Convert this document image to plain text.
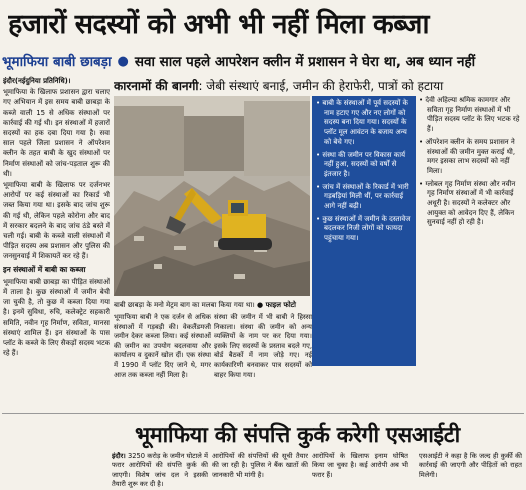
हजारों सदस्यों को अभी भी नहीं मिला कब्जा
भूमाफिया बाबी छाबड़ा ● सवा साल पहले आपरेशन क्लीन में प्रशासन ने घेरा था, अब ध्यान नहीं

इंदौर(नईदुनिया प्रतिनिधि)।

भूमाफिया के खिलाफ प्रशासन द्वारा चलाए गए अभियान में इस समय बाबी छाबड़ा के कब्जे वाली 15 से अधिक संस्थाओं पर कार्रवाई की गई थी। इन संस्थाओं में हजारों सदस्यों का हक दबा दिया गया है। सवा साल पहले जिला प्रशासन ने ऑपरेशन क्लीन के तहत बाबी के खुद संस्थाओं पर निर्माण संस्थाओं को जांच-पड़ताल शुरू की थी।

भूमाफिया बाबी के खिलाफ पर दर्जनभर आरोपों पर कई संस्थाओं का रिकार्ड भी जब्त किया गया था। इसके बाद जांच शुरू की गई थी, लेकिन पहले कोरोना और बाद में सरकार बदलने के बाद जांच ठंडे बस्ते में चली गई। बाबी के कब्जे वाली संस्थाओं में पीड़ित सदस्य अब प्रशासन और पुलिस की जनसुनवाई में शिकायतें कर रहे हैं।

इन संस्थाओं में बाबी का कब्जा

भूमाफिया बाबी छाबड़ा का पीड़ित संस्थाओं में ताला है। कुछ संस्थाओं में जमीन बेची जा चुकी है, तो कुछ में कब्जा दिया गया है। इनमें सुविधा, रुचि, कलेक्ट्रेट सहकारी समिति, नवीन गृह निर्माण, सविता, मानसा संस्थाएं शामिल हैं। इन संस्थाओं के पास प्लॉट के कब्जे के लिए सैकड़ों सदस्य भटक रहे हैं।

कारनामों की बानगी : जेबी संस्थाएं बनाई, जमीन की हेराफेरी, पात्रों को हटाया
बाबी छाबड़ा के मनो मेट्रम बाग का मलबा किया गया था। ● फाइल फोटो
भूमाफिया बाबी ने एक दर्जन से अधिक संस्थाओं में गड़बड़ी की। वेकलैंडमजी जमीन देकर कब्जा लिया। कई संस्थाओं की जमीन का उपयोग बदलवाया और कार्यालय व दुकानें खोल दीं। एक संस्था में 1990 में प्लॉट दिए जाने थे, मगर आज तक कब्जा नहीं मिला है।
संस्था की जमीन में भी बाबी ने हिस्सा निकाला। संस्था की जमीन को अन्य व्यक्तियों के नाम पर कर दिया गया। इसके लिए सदस्यों के प्रस्ताव बदले गए, बोर्ड बैठकों में नाम जोड़े गए। नई कार्यकारिणी बनवाकर पात्र सदस्यों को बाहर किया गया।
• बाबी के संस्थाओं में पूर्व सदस्यों के नाम हटाए गए और नए लोगों को सदस्य बना दिया गया। सदस्यों के प्लॉट मूल आवंटन के बजाय अन्य को बेचे गए।
• संस्था की जमीन पर विकास कार्य नहीं हुआ, सदस्यों को वर्षों से इंतजार है।
• जांच में संस्थाओं के रिकार्ड में भारी गड़बड़ियां मिली थीं, पर कार्रवाई आगे नहीं बढ़ी।
• कुछ संस्थाओं में जमीन के दस्तावेज बदलकर निजी लोगों को फायदा पहुंचाया गया।
• देवी अहिल्या श्रमिक कामगार और सविता गृह निर्माण संस्थाओं में भी पीड़ित सदस्य प्लॉट के लिए भटक रहे हैं।
• ऑपरेशन क्लीन के समय प्रशासन ने संस्थाओं की जमीन मुक्त कराई थी, मगर इसका लाभ सदस्यों को नहीं मिला।
• ग्लोबल गृह निर्माण संस्था और नवीन गृह निर्माण संस्थाओं में भी कार्रवाई अधूरी है। सदस्यों ने कलेक्टर और आयुक्त को आवेदन दिए हैं, लेकिन सुनवाई नहीं हो रही है।
भूमाफिया की संपत्ति कुर्क करेगी एसआईटी
इंदौर। 3250 करोड़ के जमीन घोटाले में फरार आरोपियों की संपत्ति कुर्क की जाएगी। विशेष जांच दल ने इसकी तैयारी शुरू कर दी है।
आरोपियों की संपत्तियों की सूची तैयार की जा रही है। पुलिस ने बैंक खातों की जानकारी भी मांगी है।
आरोपियों के खिलाफ इनाम घोषित किया जा चुका है। कई आरोपी अब भी फरार हैं।
एसआईटी ने कहा है कि जल्द ही कुर्की की कार्रवाई की जाएगी और पीड़ितों को राहत मिलेगी।
